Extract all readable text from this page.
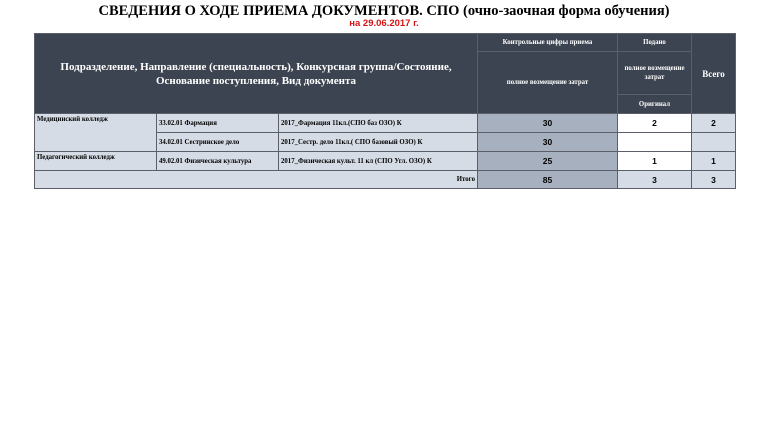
СВЕДЕНИЯ О ХОДЕ ПРИЕМА ДОКУМЕНТОВ. СПО (очно-заочная форма обучения)
на 29.06.2017 г.
Подразделение, Направление (специальность), Конкурсная группа/Состояние, Основание поступления, Вид документа			Контрольные цифры приема	Подано	Всего
			полное возмещение затрат	полное возмещение затрат	
				Оригинал	
Медицинский колледж	33.02.01 Фармация	2017_Фармация 11кл.(СПО баз ОЗО) К	30	2	2
	34.02.01 Сестринское дело	2017_Сестр. дело 11кл.( СПО базовый ОЗО) К	30		
Педагогический колледж	49.02.01 Физическая культура	2017_Физическая культ. 11 кл (СПО Угл. ОЗО) К	25	1	1
Итого			85	3	3
